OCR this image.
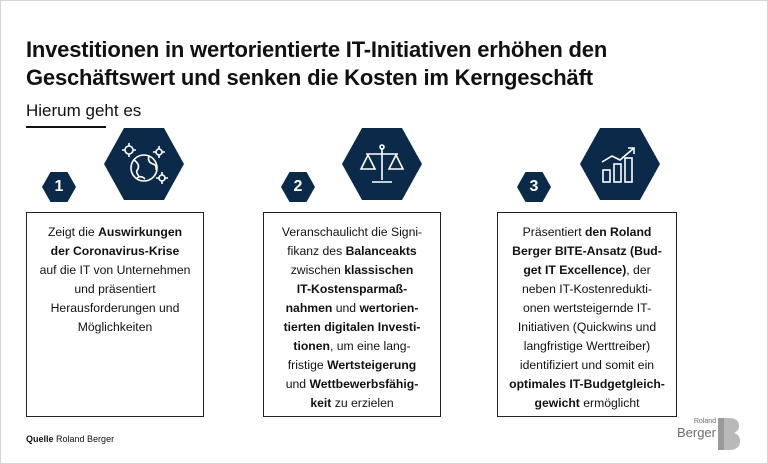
Investitionen in wertorientierte IT-Initiativen erhöhen den
Geschäftswert und senken die Kosten im Kerngeschäft
Hierum geht es
1
Zeigt die Auswirkungen
der Coronavirus-Krise
auf die IT von Unternehmen
und präsentiert
Herausforderungen und
Möglichkeiten
2
Veranschaulicht die Signi-
fikanz des Balanceakts
zwischen klassischen
IT-Kostensparmaß-
nahmen und wertorien-
tierten digitalen Investi-
tionen, um eine lang-
fristige Wertsteigerung
und Wettbewerbsfähig-
keit zu erzielen
3
Präsentiert den Roland
Berger BITE-Ansatz (Bud-
get IT Excellence), der
neben IT-Kostenredukti-
onen wertsteigernde IT-
Initiativen (Quickwins und
langfristige Werttreiber)
identifiziert und somit ein
optimales IT-Budgetgleich-
gewicht ermöglicht
Quelle Roland Berger
Roland
Berger
